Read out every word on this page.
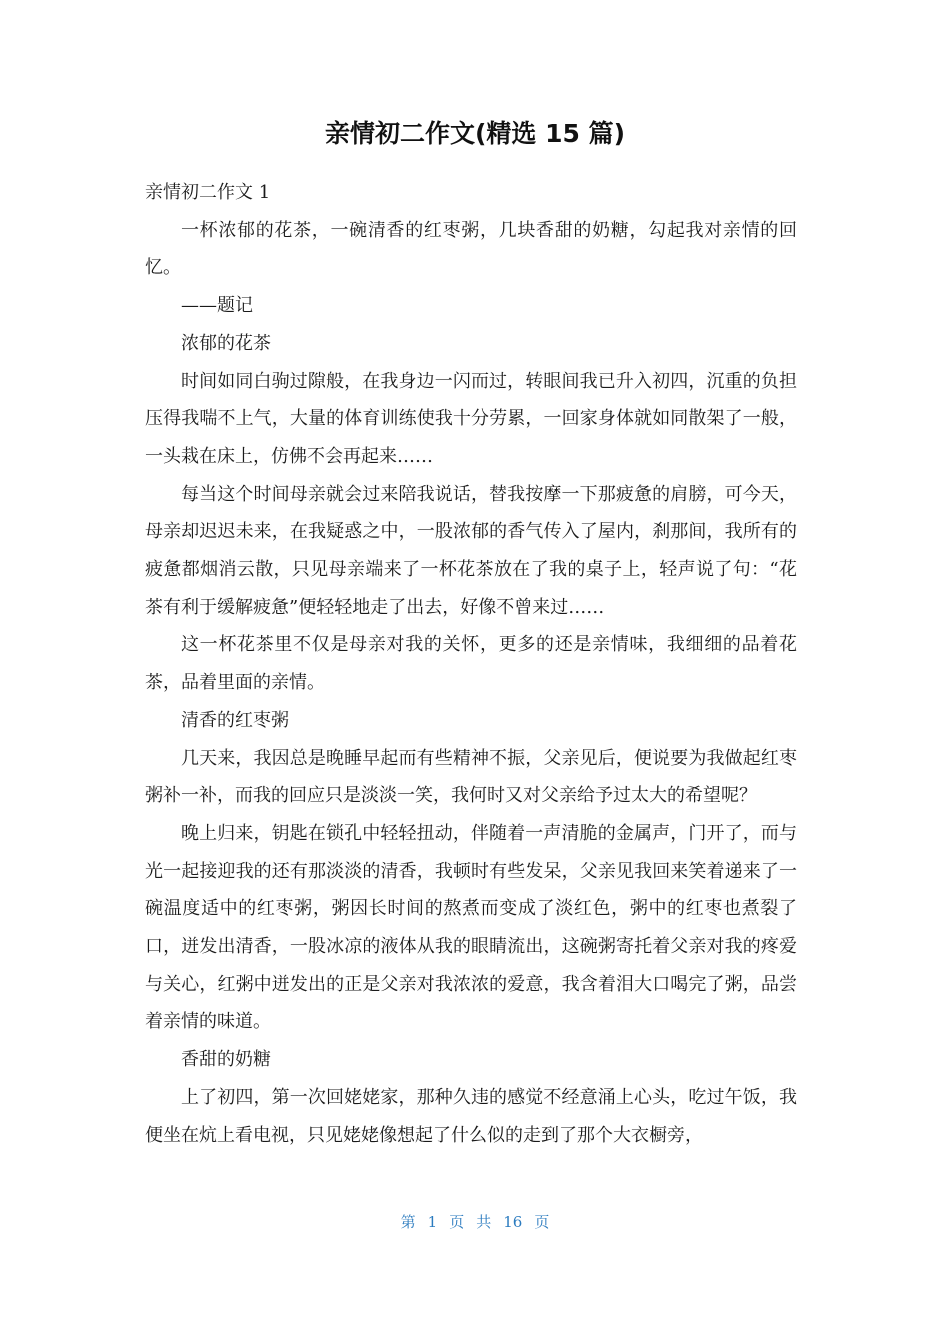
亲情初二作文(精选 15 篇)

亲情初二作文 1

一杯浓郁的花茶，一碗清香的红枣粥，几块香甜的奶糖，勾起我对亲情的回忆。

——题记

浓郁的花茶

时间如同白驹过隙般，在我身边一闪而过，转眼间我已升入初四，沉重的负担压得我喘不上气，大量的体育训练使我十分劳累，一回家身体就如同散架了一般，一头栽在床上，仿佛不会再起来……

每当这个时间母亲就会过来陪我说话，替我按摩一下那疲惫的肩膀，可今天，母亲却迟迟未来，在我疑惑之中，一股浓郁的香气传入了屋内，刹那间，我所有的疲惫都烟消云散，只见母亲端来了一杯花茶放在了我的桌子上，轻声说了句：“花茶有利于缓解疲惫”便轻轻地走了出去，好像不曾来过……

这一杯花茶里不仅是母亲对我的关怀，更多的还是亲情味，我细细的品着花茶，品着里面的亲情。

清香的红枣粥

几天来，我因总是晚睡早起而有些精神不振，父亲见后，便说要为我做起红枣粥补一补，而我的回应只是淡淡一笑，我何时又对父亲给予过太大的希望呢？

晚上归来，钥匙在锁孔中轻轻扭动，伴随着一声清脆的金属声，门开了，而与光一起接迎我的还有那淡淡的清香，我顿时有些发呆，父亲见我回来笑着递来了一碗温度适中的红枣粥，粥因长时间的熬煮而变成了淡红色，粥中的红枣也煮裂了口，迸发出清香，一股冰凉的液体从我的眼睛流出，这碗粥寄托着父亲对我的疼爱与关心，红粥中迸发出的正是父亲对我浓浓的爱意，我含着泪大口喝完了粥，品尝着亲情的味道。

香甜的奶糖

上了初四，第一次回姥姥家，那种久违的感觉不经意涌上心头，吃过午饭，我便坐在炕上看电视，只见姥姥像想起了什么似的走到了那个大衣橱旁，

第 1 页 共 16 页
